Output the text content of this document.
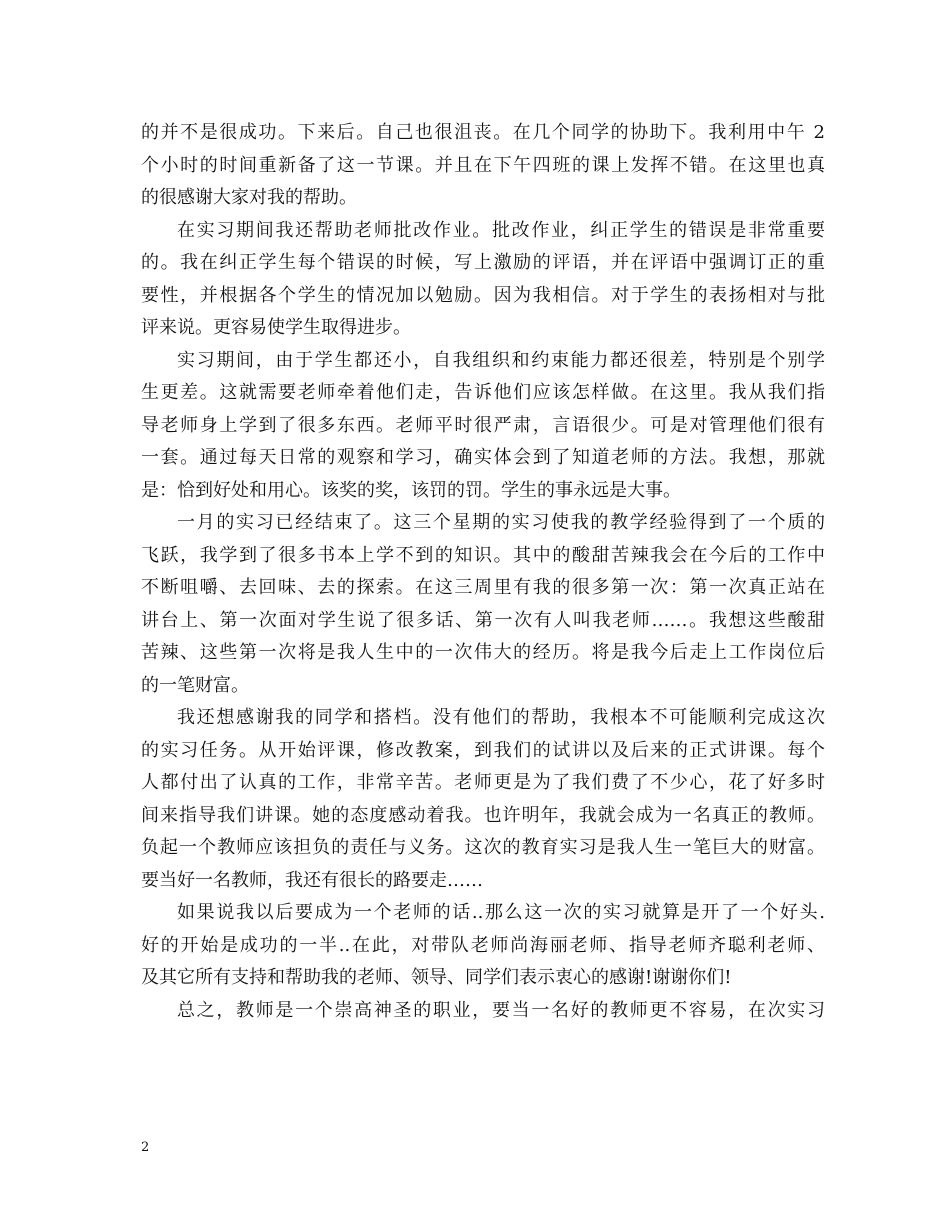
的并不是很成功。下来后。自己也很沮丧。在几个同学的协助下。我利用中午 2
个小时的时间重新备了这一节课。并且在下午四班的课上发挥不错。在这里也真
的很感谢大家对我的帮助。
在实习期间我还帮助老师批改作业。批改作业，纠正学生的错误是非常重要
的。我在纠正学生每个错误的时候，写上激励的评语，并在评语中强调订正的重
要性，并根据各个学生的情况加以勉励。因为我相信。对于学生的表扬相对与批
评来说。更容易使学生取得进步。
实习期间，由于学生都还小，自我组织和约束能力都还很差，特别是个别学
生更差。这就需要老师牵着他们走，告诉他们应该怎样做。在这里。我从我们指
导老师身上学到了很多东西。老师平时很严肃，言语很少。可是对管理他们很有
一套。通过每天日常的观察和学习，确实体会到了知道老师的方法。我想，那就
是：恰到好处和用心。该奖的奖，该罚的罚。学生的事永远是大事。
一月的实习已经结束了。这三个星期的实习使我的教学经验得到了一个质的
飞跃，我学到了很多书本上学不到的知识。其中的酸甜苦辣我会在今后的工作中
不断咀嚼、去回味、去的探索。在这三周里有我的很多第一次：第一次真正站在
讲台上、第一次面对学生说了很多话、第一次有人叫我老师……。我想这些酸甜
苦辣、这些第一次将是我人生中的一次伟大的经历。将是我今后走上工作岗位后
的一笔财富。
我还想感谢我的同学和搭档。没有他们的帮助，我根本不可能顺利完成这次
的实习任务。从开始评课，修改教案，到我们的试讲以及后来的正式讲课。每个
人都付出了认真的工作，非常辛苦。老师更是为了我们费了不少心，花了好多时
间来指导我们讲课。她的态度感动着我。也许明年，我就会成为一名真正的教师。
负起一个教师应该担负的责任与义务。这次的教育实习是我人生一笔巨大的财富。
要当好一名教师，我还有很长的路要走……
如果说我以后要成为一个老师的话..那么这一次的实习就算是开了一个好头.
好的开始是成功的一半..在此，对带队老师尚海丽老师、指导老师齐聪利老师、
及其它所有支持和帮助我的老师、领导、同学们表示衷心的感谢!谢谢你们!
总之，教师是一个崇高神圣的职业，要当一名好的教师更不容易，在次实习
2
